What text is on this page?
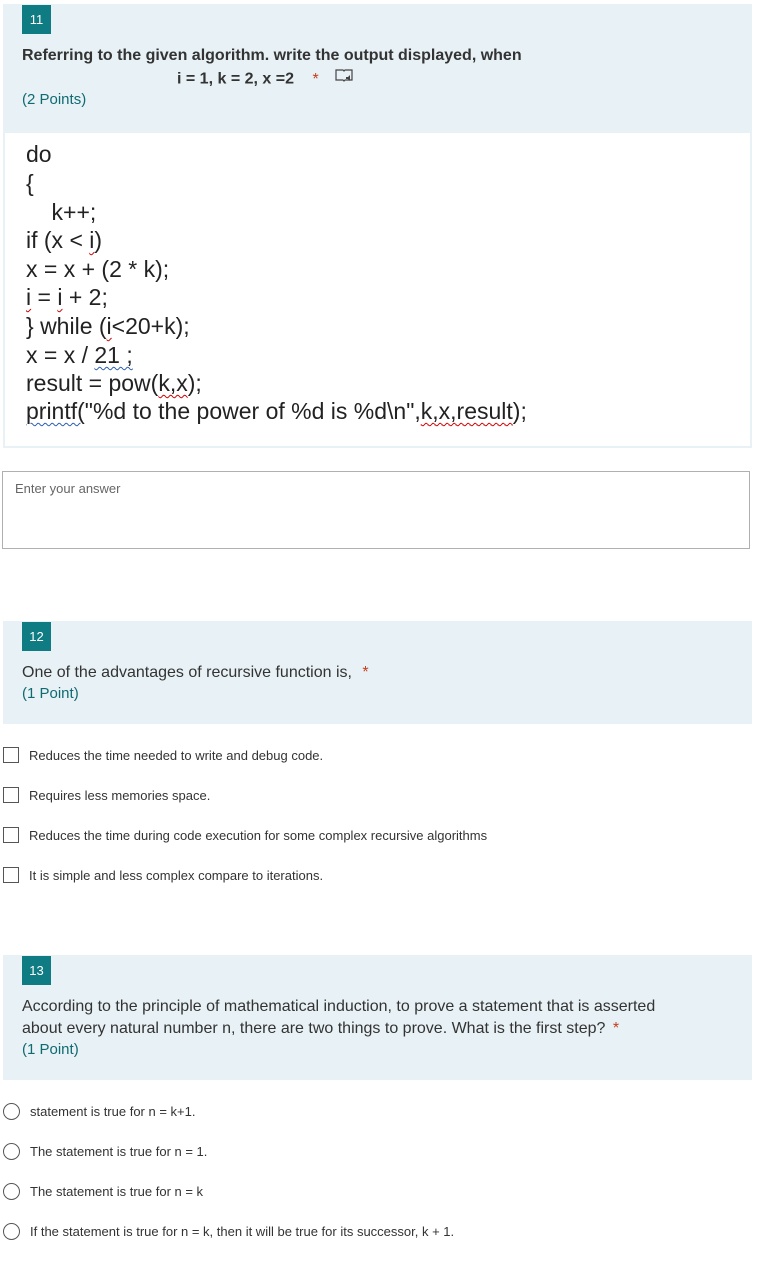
11
Referring to the given algorithm. write the output displayed, when
i = 1, k = 2, x =2 *
(2 Points)
do
{
k++;
if (x < i)
x = x + (2 * k);
i = i + 2;
} while (i<20+k);
x = x / 21 ;
result = pow(k,x);
printf("%d to the power of %d is %d\n",k,x,result);
Enter your answer
12
One of the advantages of recursive function is, *
(1 Point)
Reduces the time needed to write and debug code.
Requires less memories space.
Reduces the time during code execution for some complex recursive algorithms
It is simple and less complex compare to iterations.
13
According to the principle of mathematical induction, to prove a statement that is asserted
about every natural number n, there are two things to prove. What is the first step? *
(1 Point)
statement is true for n = k+1.
The statement is true for n = 1.
The statement is true for n = k
If the statement is true for n = k, then it will be true for its successor, k + 1.
